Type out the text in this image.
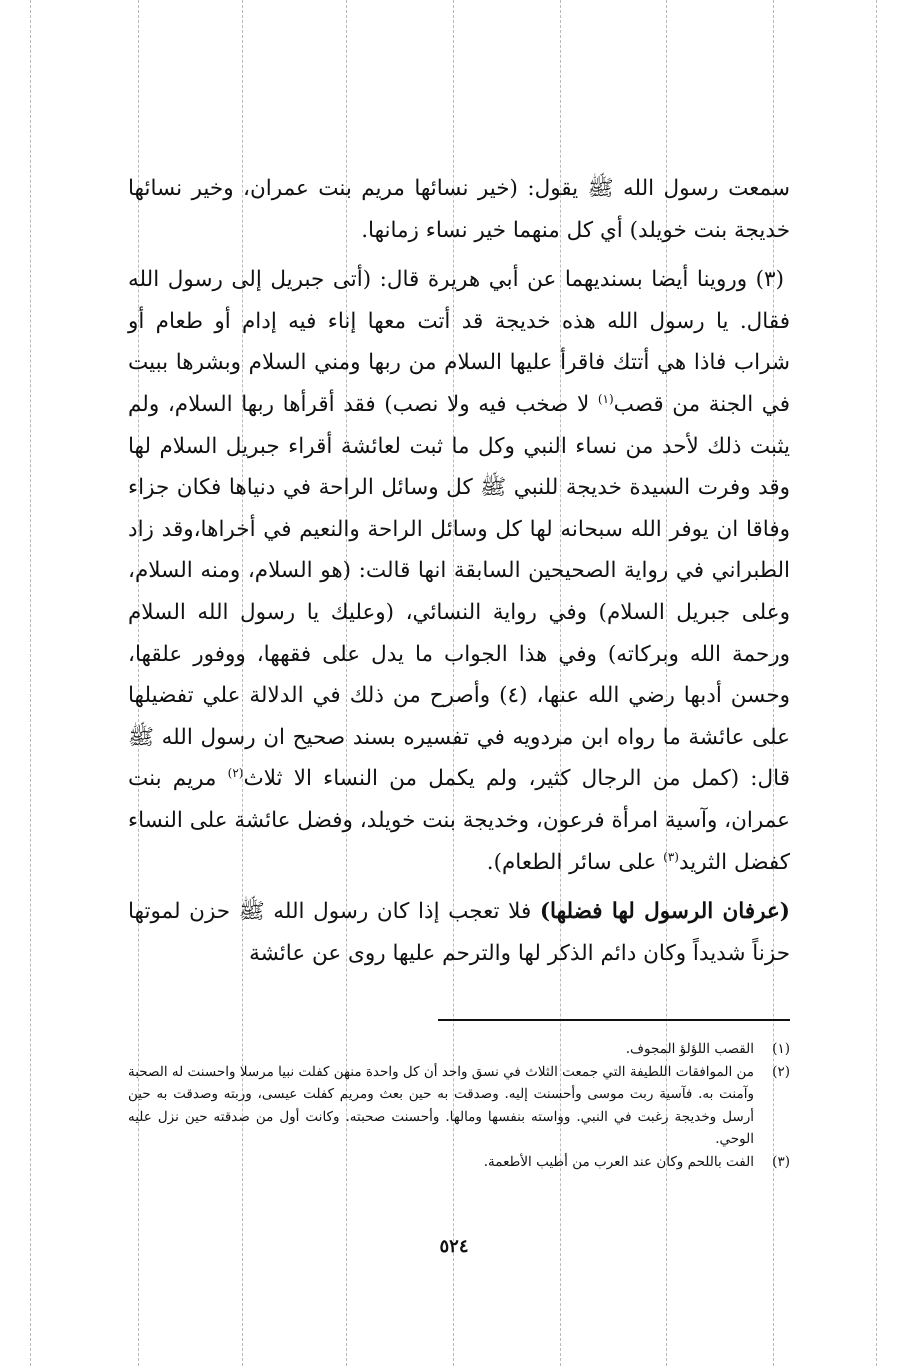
سمعت رسول الله ﷺ يقول: (خير نسائها مريم بنت عمران، وخير نسائها خديجة بنت خويلد) أي كل منهما خير نساء زمانها.

(٣) وروينا أيضا بسنديهما عن أبي هريرة قال: (أتى جبريل إلى رسول الله فقال. يا رسول الله هذه خديجة قد أتت معها إناء فيه إدام أو طعام أو شراب فاذا هي أتتك فاقرأ عليها السلام من ربها ومني السلام وبشرها ببيت في الجنة من قصب$^{(١)}$ لا صخب فيه ولا نصب) فقد أقرأها ربها السلام، ولم يثبت ذلك لأحد من نساء النبي وكل ما ثبت لعائشة أقراء جبريل السلام لها وقد وفرت السيدة خديجة للنبي ﷺ كل وسائل الراحة في دنياها فكان جزاء وفاقا ان يوفر الله سبحانه لها كل وسائل الراحة والنعيم في أخراها،وقد زاد الطبراني في رواية الصحيحين السابقة انها قالت: (هو السلام، ومنه السلام، وعلى جبريل السلام) وفي رواية النسائي، (وعليك يا رسول الله السلام ورحمة الله وبركاته) وفي هذا الجواب ما يدل على فقهها، ووفور علقها، وحسن أدبها رضي الله عنها، (٤) وأصرح من ذلك في الدلالة علي تفضيلها على عائشة ما رواه ابن مردويه في تفسيره بسند صحيح ان رسول الله ﷺ قال: (كمل من الرجال كثير، ولم يكمل من النساء الا ثلاث$^{(٢)}$ مريم بنت عمران، وآسية امرأة فرعون، وخديجة بنت خويلد، وفضل عائشة على النساء كفضل الثريد$^{(٣)}$ على سائر الطعام).

(عرفان الرسول لها فضلها) فلا تعجب إذا كان رسول الله ﷺ حزن لموتها حزناً شديداً وكان دائم الذكر لها والترحم عليها روى عن عائشة

(١)
القصب اللؤلؤ المجوف.
(٢)
من الموافقات اللطيفة التي جمعت الثلاث في نسق واحد أن كل واحدة منهن كفلت نبيا مرسلا واحسنت له الصحبة وآمنت به. فآسية ربت موسى وأحسنت إليه. وصدقت به حين بعث ومريم كفلت عيسى، وربته وصدقت به حين أرسل وخديجة رغبت في النبي. وواسته بنفسها ومالها. وأحسنت صحبته. وكانت أول من صدقته حين نزل عليه الوحي.
(٣)
الفت باللحم وكان عند العرب من أطيب الأطعمة.
٥٢٤
